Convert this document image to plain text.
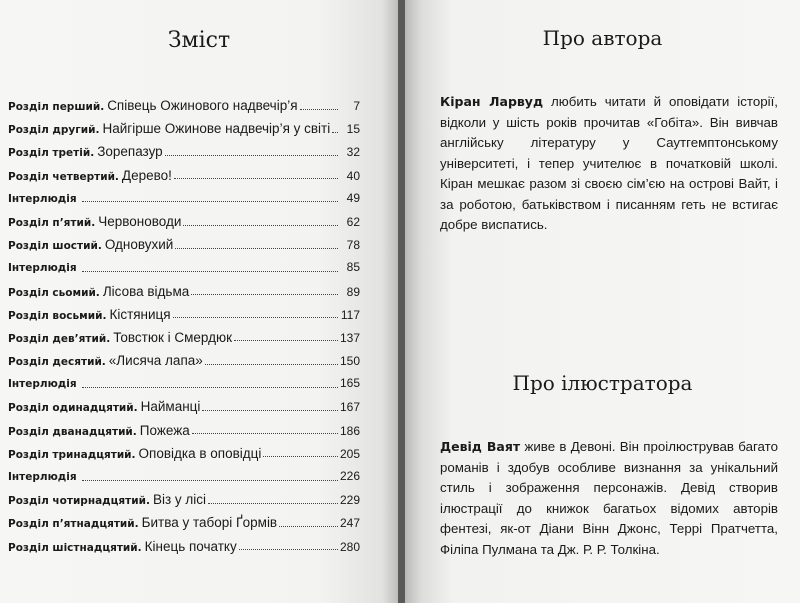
Зміст
Розділ перший. Співець Ожинового надвечір’я	7
Розділ другий. Найгірше Ожинове надвечір’я у світі	15
Розділ третій. Зорепазур	32
Розділ четвертий. Дерево!	40
Інтерлюдія	49
Розділ п’ятий. Червоноводи	62
Розділ шостий. Одновухий	78
Інтерлюдія	85
Розділ сьомий. Лісова відьма	89
Розділ восьмий. Кістяниця	117
Розділ дев’ятий. Товстюк і Смердюк	137
Розділ десятий. «Лисяча лапа»	150
Інтерлюдія	165
Розділ одинадцятий. Найманці	167
Розділ дванадцятий. Пожежа	186
Розділ тринадцятий. Оповідка в оповідці	205
Інтерлюдія	226
Розділ чотирнадцятий. Віз у лісі	229
Розділ п’ятнадцятий. Битва у таборі Ґормів	247
Розділ шістнадцятий. Кінець початку	280
Про автора

Кіран Ларвуд любить читати й оповідати історії, відколи у шість років прочитав «Гобіта». Він вивчав англійську літературу у Саутгемптонському університеті, і тепер учителює в початковій школі. Кіран мешкає разом зі своєю сім’єю на острові Вайт, і за роботою, батьківством і писанням геть не встигає добре виспатись.

Про ілюстратора

Девід Ваят живе в Девоні. Він проілюстрував багато романів і здобув особливе визнання за унікальний стиль і зображення персонажів. Девід створив ілюстрації до книжок багатьох відомих авторів фентезі, як-от Діани Вінн Джонс, Террі Пратчетта, Філіпа Пулмана та Дж. Р. Р. Толкіна.
